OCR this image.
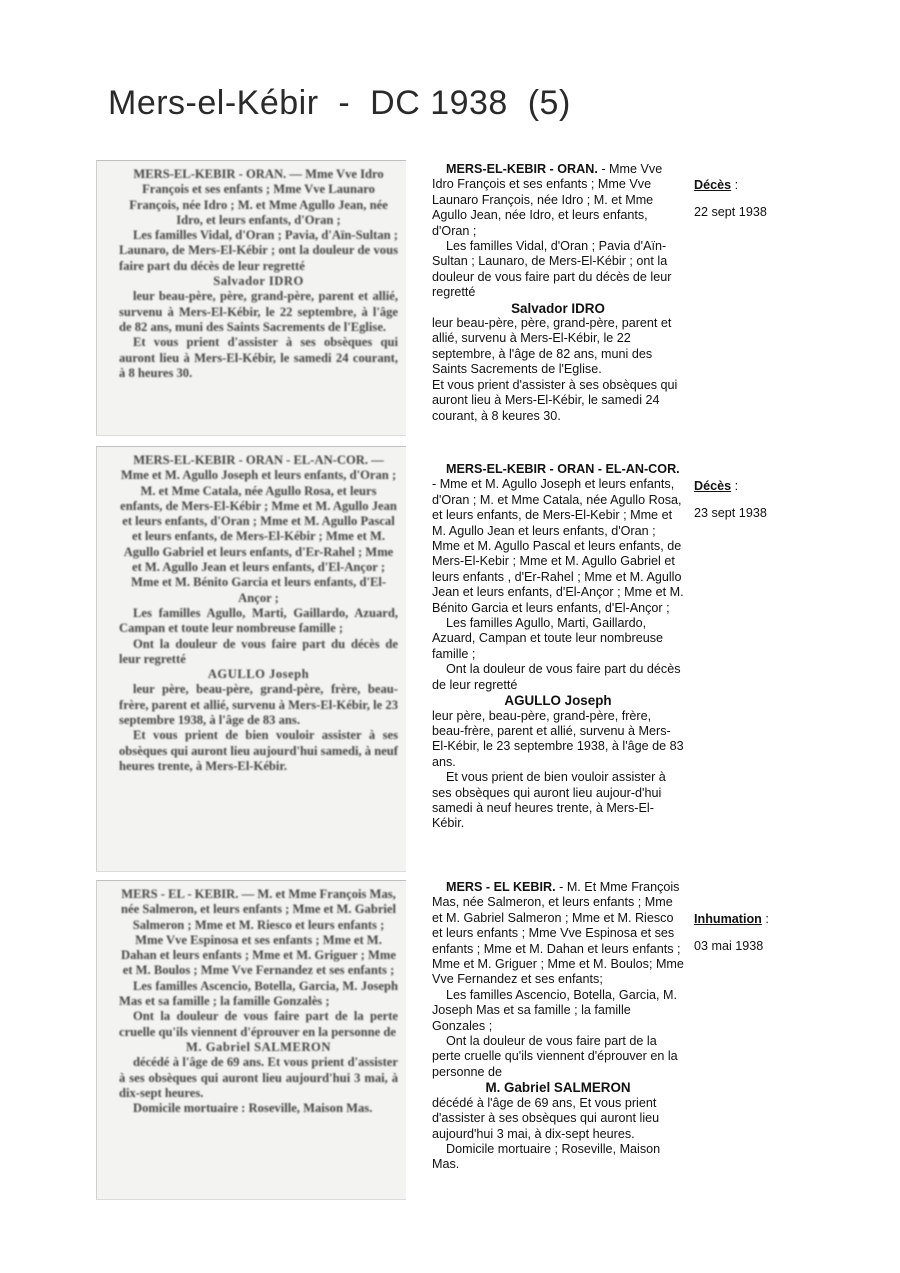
Mers-el-Kébir  -  DC 1938  (5)

MERS-EL-KEBIR - ORAN. — Mme Vve Idro François et ses enfants ; Mme Vve Launaro François, née Idro ; M. et Mme Agullo Jean, née Idro, et leurs enfants, d'Oran ;

Les familles Vidal, d'Oran ; Pavia, d'Aïn-Sultan ; Launaro, de Mers-El-Kébir ; ont la douleur de vous faire part du décès de leur regretté

Salvador IDRO

leur beau-père, père, grand-père, parent et allié, survenu à Mers-El-Kébir, le 22 septembre, à l'âge de 82 ans, muni des Saints Sacrements de l'Eglise.

Et vous prient d'assister à ses obsèques qui auront lieu à Mers-El-Kébir, le samedi 24 courant, à 8 heures 30.

MERS-EL-KEBIR - ORAN. - Mme Vve Idro François et ses enfants ; Mme Vve Launaro François, née Idro ; M. et Mme Agullo Jean, née Idro, et leurs enfants, d'Oran ;

Les familles Vidal, d'Oran ; Pavia d'Aïn-Sultan ; Launaro, de Mers-El-Kébir ; ont la douleur de vous faire part du décès de leur regretté

Salvador IDRO

leur beau-père, père, grand-père, parent et allié, survenu à Mers-El-Kébir, le 22 septembre, à l'âge de 82 ans, muni des Saints Sacrements de l'Eglise.

Et vous prient d'assister à ses obsèques qui auront lieu à Mers-El-Kébir, le samedi 24 courant, à 8 keures 30.

Décès :
22 sept 1938

MERS-EL-KEBIR - ORAN - EL-AN-COR. — Mme et M. Agullo Joseph et leurs enfants, d'Oran ; M. et Mme Catala, née Agullo Rosa, et leurs enfants, de Mers-El-Kébir ; Mme et M. Agullo Jean et leurs enfants, d'Oran ; Mme et M. Agullo Pascal et leurs enfants, de Mers-El-Kébir ; Mme et M. Agullo Gabriel et leurs enfants, d'Er-Rahel ; Mme et M. Agullo Jean et leurs enfants, d'El-Ançor ; Mme et M. Bénito Garcia et leurs enfants, d'El-Ançor ;

Les familles Agullo, Marti, Gaillardo, Azuard, Campan et toute leur nombreuse famille ;

Ont la douleur de vous faire part du décès de leur regretté

AGULLO Joseph

leur père, beau-père, grand-père, frère, beau-frère, parent et allié, survenu à Mers-El-Kébir, le 23 septembre 1938, à l'âge de 83 ans.

Et vous prient de bien vouloir assister à ses obsèques qui auront lieu aujourd'hui samedi, à neuf heures trente, à Mers-El-Kébir.

MERS-EL-KEBIR - ORAN - EL-AN-COR. - Mme et M. Agullo Joseph et leurs enfants, d'Oran ; M. et Mme Catala, née Agullo Rosa, et leurs enfants, de Mers-El-Kebir ; Mme et M. Agullo Jean et leurs enfants, d'Oran ; Mme et M. Agullo Pascal et leurs enfants, de Mers-El-Kebir ; Mme et M. Agullo Gabriel et leurs enfants , d'Er-Rahel ; Mme et M. Agullo Jean et leurs enfants, d'El-Ançor ; Mme et M. Bénito Garcia et leurs enfants, d'El-Ançor ;

Les familles Agullo, Marti, Gaillardo, Azuard, Campan et toute leur nombreuse famille ;

Ont la douleur de vous faire part du décès de leur regretté

AGULLO Joseph

leur père, beau-père, grand-père, frère, beau-frère, parent et allié, survenu à Mers-El-Kébir, le 23 septembre 1938, à l'âge de 83 ans.

Et vous prient de bien vouloir assister à ses obsèques qui auront lieu aujour-d'hui samedi à neuf heures trente, à Mers-El-Kébir.

Décès :
23 sept 1938

MERS - EL - KEBIR. — M. et Mme François Mas, née Salmeron, et leurs enfants ; Mme et M. Gabriel Salmeron ; Mme et M. Riesco et leurs enfants ; Mme Vve Espinosa et ses enfants ; Mme et M. Dahan et leurs enfants ; Mme et M. Griguer ; Mme et M. Boulos ; Mme Vve Fernandez et ses enfants ;

Les familles Ascencio, Botella, Garcia, M. Joseph Mas et sa famille ; la famille Gonzalès ;

Ont la douleur de vous faire part de la perte cruelle qu'ils viennent d'éprouver en la personne de

M. Gabriel SALMERON

décédé à l'âge de 69 ans. Et vous prient d'assister à ses obsèques qui auront lieu aujourd'hui 3 mai, à dix-sept heures.

Domicile mortuaire : Roseville, Maison Mas.

MERS - EL KEBIR. - M. Et Mme François Mas, née Salmeron, et leurs enfants ; Mme et M. Gabriel Salmeron ; Mme et M. Riesco et leurs enfants ; Mme Vve Espinosa et ses enfants ; Mme et M. Dahan et leurs enfants ; Mme et M. Griguer ; Mme et M. Boulos; Mme Vve Fernandez et ses enfants;

Les familles Ascencio, Botella, Garcia, M. Joseph Mas et sa famille ; la famille Gonzales ;

Ont la douleur de vous faire part de la perte cruelle qu'ils viennent d'éprouver en la personne de

M. Gabriel SALMERON

décédé à l'âge de 69 ans, Et vous prient d'assister à ses obsèques qui auront lieu aujourd'hui 3 mai, à dix-sept heures.

Domicile mortuaire ; Roseville, Maison Mas.

Inhumation :
03 mai 1938
